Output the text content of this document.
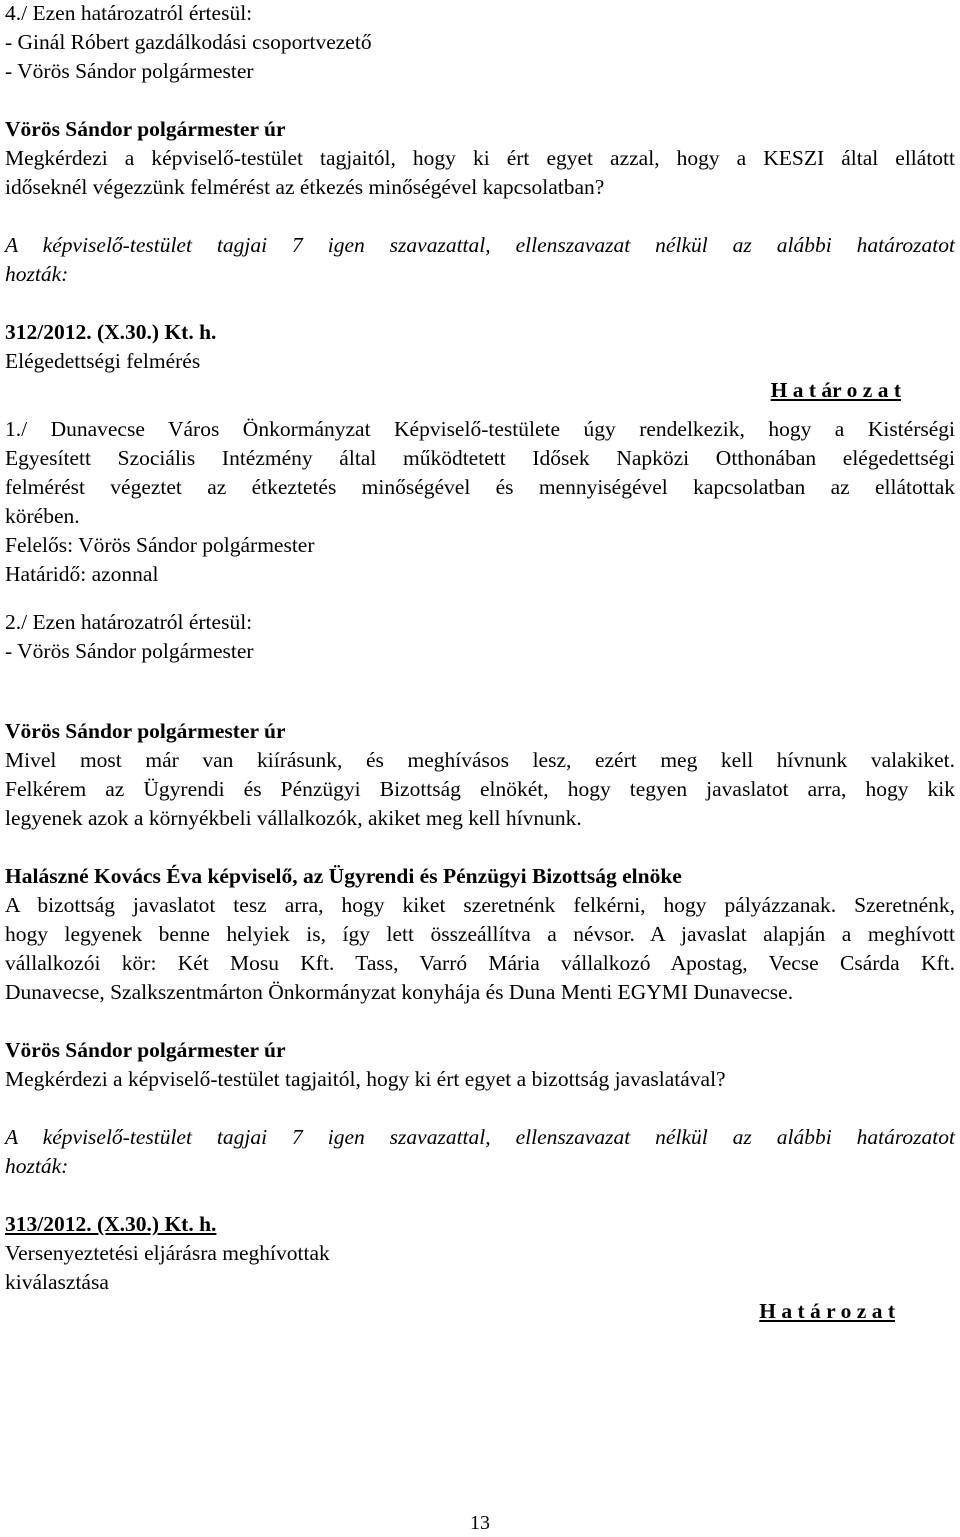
4./ Ezen határozatról értesül:
- Ginál Róbert gazdálkodási csoportvezető
- Vörös Sándor polgármester
Vörös Sándor polgármester úr
Megkérdezi a képviselő-testület tagjaitól, hogy ki ért egyet azzal, hogy a KESZI által ellátott
időseknél végezzünk felmérést az étkezés minőségével kapcsolatban?
A képviselő-testület tagjai 7 igen szavazattal, ellenszavazat nélkül az alábbi határozatot
hozták:
312/2012. (X.30.) Kt. h.
Elégedettségi felmérés
H a t ár o z a t
1./ Dunavecse Város Önkormányzat Képviselő-testülete úgy rendelkezik, hogy a Kistérségi
Egyesített Szociális Intézmény által működtetett Idősek Napközi Otthonában elégedettségi
felmérést végeztet az étkeztetés minőségével és mennyiségével kapcsolatban az ellátottak
körében.
Felelős: Vörös Sándor polgármester
Határidő: azonnal
2./ Ezen határozatról értesül:
- Vörös Sándor polgármester
Vörös Sándor polgármester úr
Mivel most már van kiírásunk, és meghívásos lesz, ezért meg kell hívnunk valakiket.
Felkérem az Ügyrendi és Pénzügyi Bizottság elnökét, hogy tegyen javaslatot arra, hogy kik
legyenek azok a környékbeli vállalkozók, akiket meg kell hívnunk.
Halászné Kovács Éva képviselő, az Ügyrendi és Pénzügyi Bizottság elnöke
A bizottság javaslatot tesz arra, hogy kiket szeretnénk felkérni, hogy pályázzanak. Szeretnénk,
hogy legyenek benne helyiek is, így lett összeállítva a névsor. A javaslat alapján a meghívott
vállalkozói kör: Két Mosu Kft. Tass, Varró Mária vállalkozó Apostag, Vecse Csárda Kft.
Dunavecse, Szalkszentmárton Önkormányzat konyhája és Duna Menti EGYMI Dunavecse.
Vörös Sándor polgármester úr
Megkérdezi a képviselő-testület tagjaitól, hogy ki ért egyet a bizottság javaslatával?
A képviselő-testület tagjai 7 igen szavazattal, ellenszavazat nélkül az alábbi határozatot
hozták:
313/2012. (X.30.) Kt. h.
Versenyeztetési eljárásra meghívottak
kiválasztása
H a t á r o z a t
13
